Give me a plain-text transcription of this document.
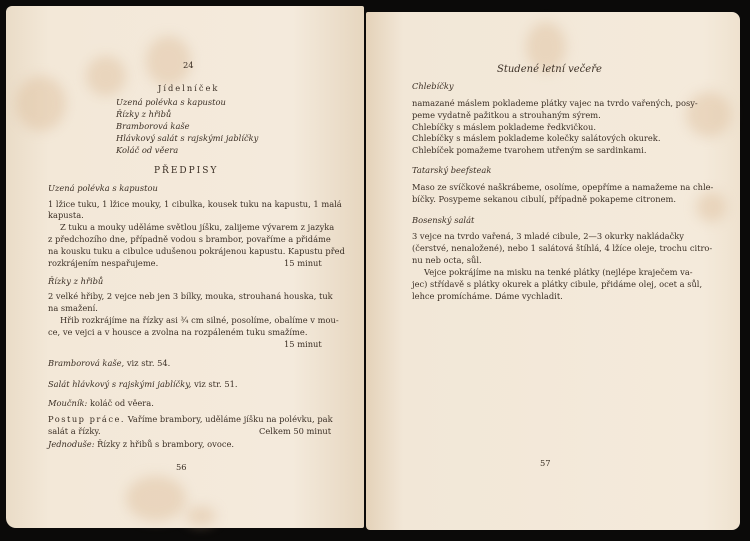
24
Jídelníček
Uzená polévka s kapustou
Řízky z hřibů
Bramborová kaše
Hlávkový salát s rajskými jablíčky
Koláč od věera
PŘEDPISY
Uzená polévka s kapustou
1 lžice tuku, 1 lžice mouky, 1 cibulka, kousek tuku na kapustu, 1 malá
kapusta.
Z tuku a mouky uděláme světlou jíšku, zalijeme vývarem z jazyka
z předchozího dne, případně vodou s brambor, povaříme a přidáme
na kousku tuku a cibulce udušenou pokrájenou kapustu. Kapustu před
rozkrájením nespařujeme.	15 minut
Řízky z hřibů
2 velké hřiby, 2 vejce neb jen 3 bílky, mouka, strouhaná houska, tuk
na smažení.
Hřib rozkrájíme na řízky asi ¾ cm silné, posolíme, obalíme v mou-
ce, ve vejci a v housce a zvolna na rozpáleném tuku smažíme.
15 minut
Bramborová kaše, viz str. 54.
Salát hlávkový s rajskými jablíčky, viz str. 51.
Moučník: koláč od věera.
Postup práce. Vaříme brambory, uděláme jíšku na polévku, pak
salát a řízky.	Celkem 50 minut
Jednoduše: Řízky z hřibů s brambory, ovoce.
56
Studené letní večeře
Chlebíčky
namazané máslem poklademe plátky vajec na tvrdo vařených, posy-
peme vydatně pažitkou a strouhaným sýrem.
Chlebíčky s máslem poklademe ředkvičkou.
Chlebíčky s máslem poklademe kolečky salátových okurek.
Chlebíček pomažeme tvarohem utřeným se sardinkami.
Tatarský beefsteak
Maso ze svíčkové naškrábeme, osolíme, opepříme a namažeme na chle-
bíčky. Posypeme sekanou cibulí, případně pokapeme citronem.
Bosenský salát
3 vejce na tvrdo vařená, 3 mladé cibule, 2—3 okurky nakládačky
(čerstvé, nenaložené), nebo 1 salátová štíhlá, 4 lžíce oleje, trochu citro-
nu neb octa, sůl.
Vejce pokrájíme na misku na tenké plátky (nejlépe kraječem va-
jec) střídavě s plátky okurek a plátky cibule, přidáme olej, ocet a sůl,
lehce promícháme. Dáme vychladit.
57
